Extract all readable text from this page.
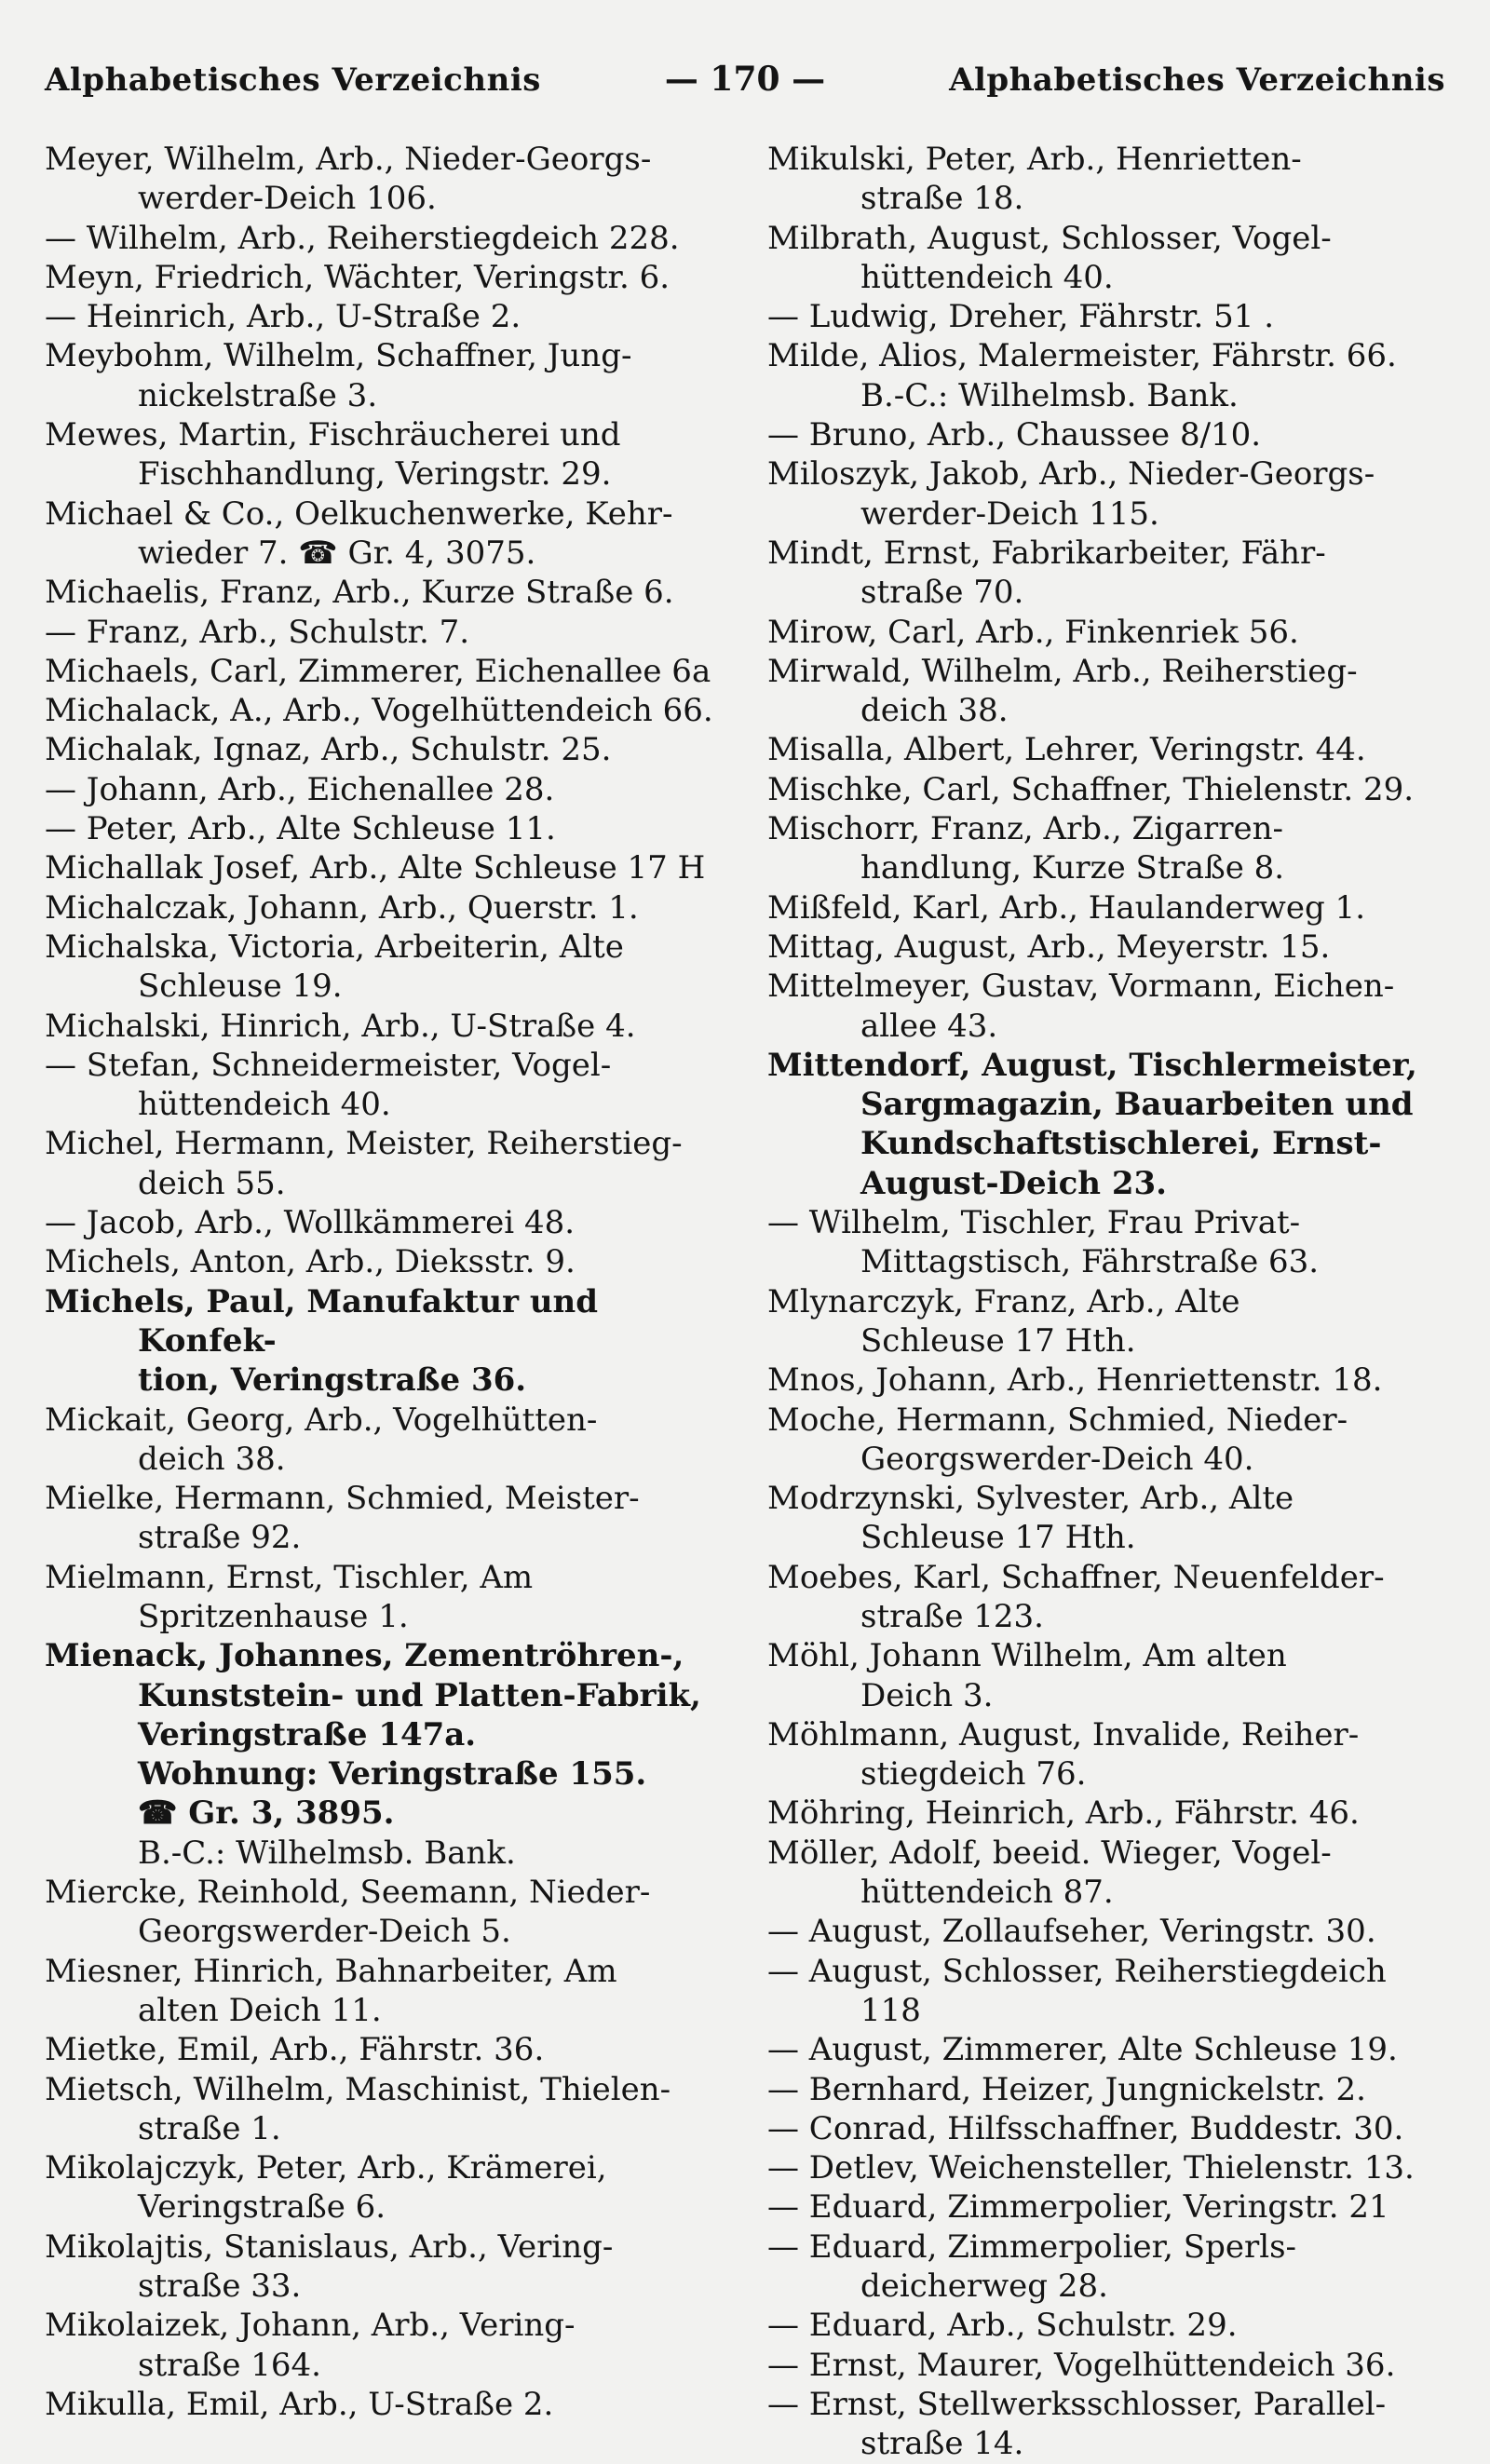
Alphabetisches Verzeichnis	— 170 —	Alphabetisches Verzeichnis
Meyer, Wilhelm, Arb., Nieder-Georgs-
werder-Deich 106.
— Wilhelm, Arb., Reiherstiegdeich 228.
Meyn, Friedrich, Wächter, Veringstr. 6.
— Heinrich, Arb., U-Straße 2.
Meybohm, Wilhelm, Schaffner, Jung-
nickelstraße 3.
Mewes, Martin, Fischräucherei und
Fischhandlung, Veringstr. 29.
Michael & Co., Oelkuchenwerke, Kehr-
wieder 7. ☎ Gr. 4, 3075.
Michaelis, Franz, Arb., Kurze Straße 6.
— Franz, Arb., Schulstr. 7.
Michaels, Carl, Zimmerer, Eichenallee 6a
Michalack, A., Arb., Vogelhüttendeich 66.
Michalak, Ignaz, Arb., Schulstr. 25.
— Johann, Arb., Eichenallee 28.
— Peter, Arb., Alte Schleuse 11.
Michallak Josef, Arb., Alte Schleuse 17 H
Michalczak, Johann, Arb., Querstr. 1.
Michalska, Victoria, Arbeiterin, Alte
Schleuse 19.
Michalski, Hinrich, Arb., U-Straße 4.
— Stefan, Schneidermeister, Vogel-
hüttendeich 40.
Michel, Hermann, Meister, Reiherstieg-
deich 55.
— Jacob, Arb., Wollkämmerei 48.
Michels, Anton, Arb., Dieksstr. 9.
Michels, Paul, Manufaktur und Konfek-
tion, Veringstraße 36.
Mickait, Georg, Arb., Vogelhütten-
deich 38.
Mielke, Hermann, Schmied, Meister-
straße 92.
Mielmann, Ernst, Tischler, Am
Spritzenhause 1.
Mienack, Johannes, Zementröhren-,
Kunststein- und Platten-Fabrik,
Veringstraße 147a.
Wohnung: Veringstraße 155.
☎ Gr. 3, 3895.
B.-C.: Wilhelmsb. Bank.
Miercke, Reinhold, Seemann, Nieder-
Georgswerder-Deich 5.
Miesner, Hinrich, Bahnarbeiter, Am
alten Deich 11.
Mietke, Emil, Arb., Fährstr. 36.
Mietsch, Wilhelm, Maschinist, Thielen-
straße 1.
Mikolajczyk, Peter, Arb., Krämerei,
Veringstraße 6.
Mikolajtis, Stanislaus, Arb., Vering-
straße 33.
Mikolaizek, Johann, Arb., Vering-
straße 164.
Mikulla, Emil, Arb., U-Straße 2.
Mikulski, Peter, Arb., Henrietten-
straße 18.
Milbrath, August, Schlosser, Vogel-
hüttendeich 40.
— Ludwig, Dreher, Fährstr. 51 .
Milde, Alios, Malermeister, Fährstr. 66.
B.-C.: Wilhelmsb. Bank.
— Bruno, Arb., Chaussee 8/10.
Miloszyk, Jakob, Arb., Nieder-Georgs-
werder-Deich 115.
Mindt, Ernst, Fabrikarbeiter, Fähr-
straße 70.
Mirow, Carl, Arb., Finkenriek 56.
Mirwald, Wilhelm, Arb., Reiherstieg-
deich 38.
Misalla, Albert, Lehrer, Veringstr. 44.
Mischke, Carl, Schaffner, Thielenstr. 29.
Mischorr, Franz, Arb., Zigarren-
handlung, Kurze Straße 8.
Mißfeld, Karl, Arb., Haulanderweg 1.
Mittag, August, Arb., Meyerstr. 15.
Mittelmeyer, Gustav, Vormann, Eichen-
allee 43.
Mittendorf, August, Tischlermeister,
Sargmagazin, Bauarbeiten und
Kundschaftstischlerei, Ernst-
August-Deich 23.
— Wilhelm, Tischler, Frau Privat-
Mittagstisch, Fährstraße 63.
Mlynarczyk, Franz, Arb., Alte
Schleuse 17 Hth.
Mnos, Johann, Arb., Henriettenstr. 18.
Moche, Hermann, Schmied, Nieder-
Georgswerder-Deich 40.
Modrzynski, Sylvester, Arb., Alte
Schleuse 17 Hth.
Moebes, Karl, Schaffner, Neuenfelder-
straße 123.
Möhl, Johann Wilhelm, Am alten
Deich 3.
Möhlmann, August, Invalide, Reiher-
stiegdeich 76.
Möhring, Heinrich, Arb., Fährstr. 46.
Möller, Adolf, beeid. Wieger, Vogel-
hüttendeich 87.
— August, Zollaufseher, Veringstr. 30.
— August, Schlosser, Reiherstiegdeich 118
— August, Zimmerer, Alte Schleuse 19.
— Bernhard, Heizer, Jungnickelstr. 2.
— Conrad, Hilfsschaffner, Buddestr. 30.
— Detlev, Weichensteller, Thielenstr. 13.
— Eduard, Zimmerpolier, Veringstr. 21
— Eduard, Zimmerpolier, Sperls-
deicherweg 28.
— Eduard, Arb., Schulstr. 29.
— Ernst, Maurer, Vogelhüttendeich 36.
— Ernst, Stellwerksschlosser, Parallel-
straße 14.
